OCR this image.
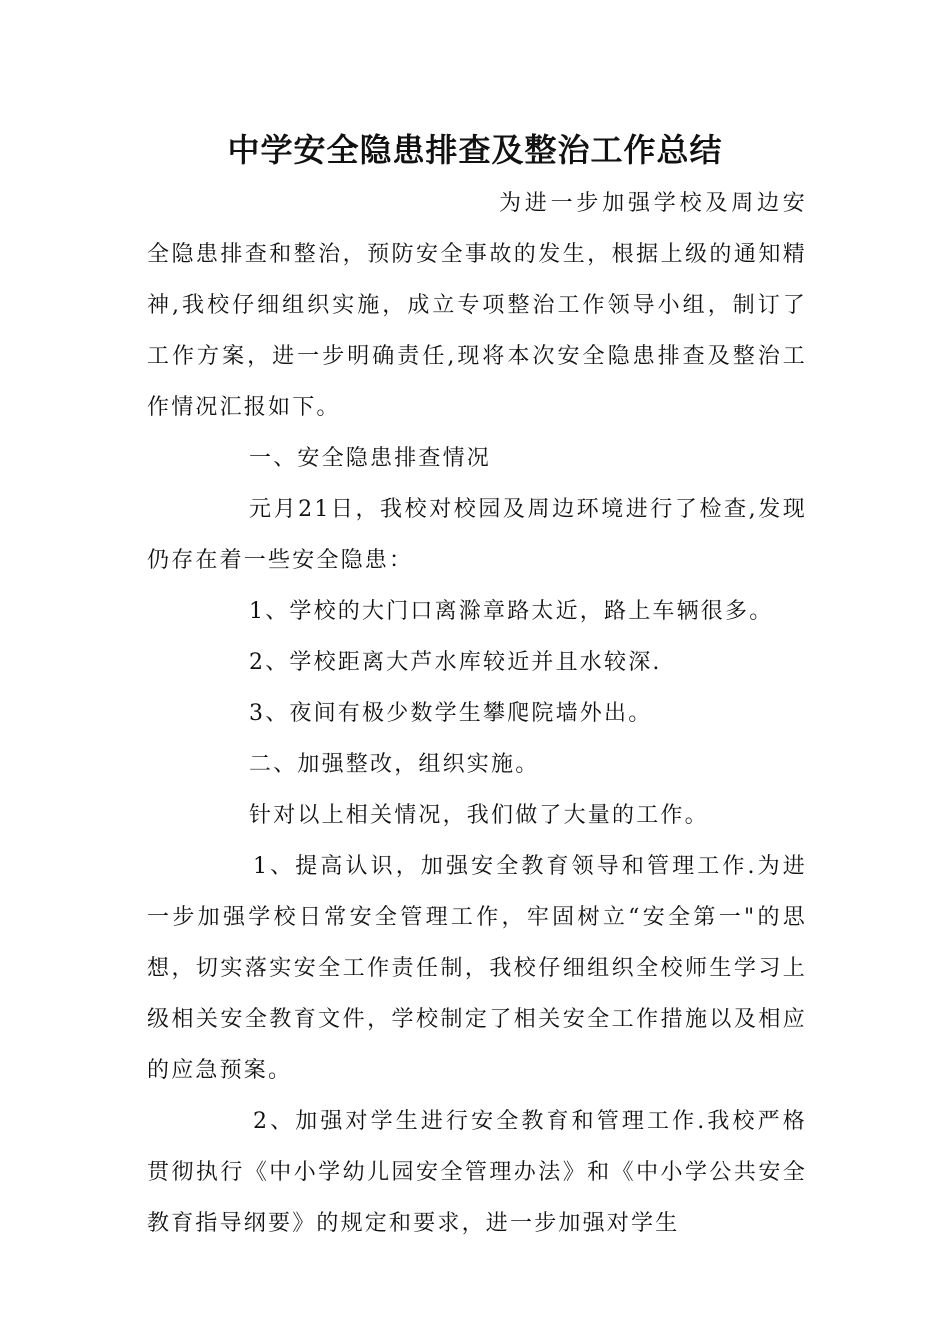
中学安全隐患排查及整治工作总结

为进一步加强学校及周边安全隐患排查和整治，预防安全事故的发生，根据上级的通知精神,我校仔细组织实施，成立专项整治工作领导小组，制订了工作方案，进一步明确责任,现将本次安全隐患排查及整治工作情况汇报如下。

一、安全隐患排查情况

元月21日，我校对校园及周边环境进行了检查,发现仍存在着一些安全隐患：

1、学校的大门口离滁章路太近，路上车辆很多。

2、学校距离大芦水库较近并且水较深.

3、夜间有极少数学生攀爬院墙外出。

二、加强整改，组织实施。

针对以上相关情况，我们做了大量的工作。

1、提高认识，加强安全教育领导和管理工作.为进一步加强学校日常安全管理工作，牢固树立“安全第一"的思想，切实落实安全工作责任制，我校仔细组织全校师生学习上级相关安全教育文件，学校制定了相关安全工作措施以及相应的应急预案。

2、加强对学生进行安全教育和管理工作.我校严格贯彻执行《中小学幼儿园安全管理办法》和《中小学公共安全教育指导纲要》的规定和要求，进一步加强对学生
